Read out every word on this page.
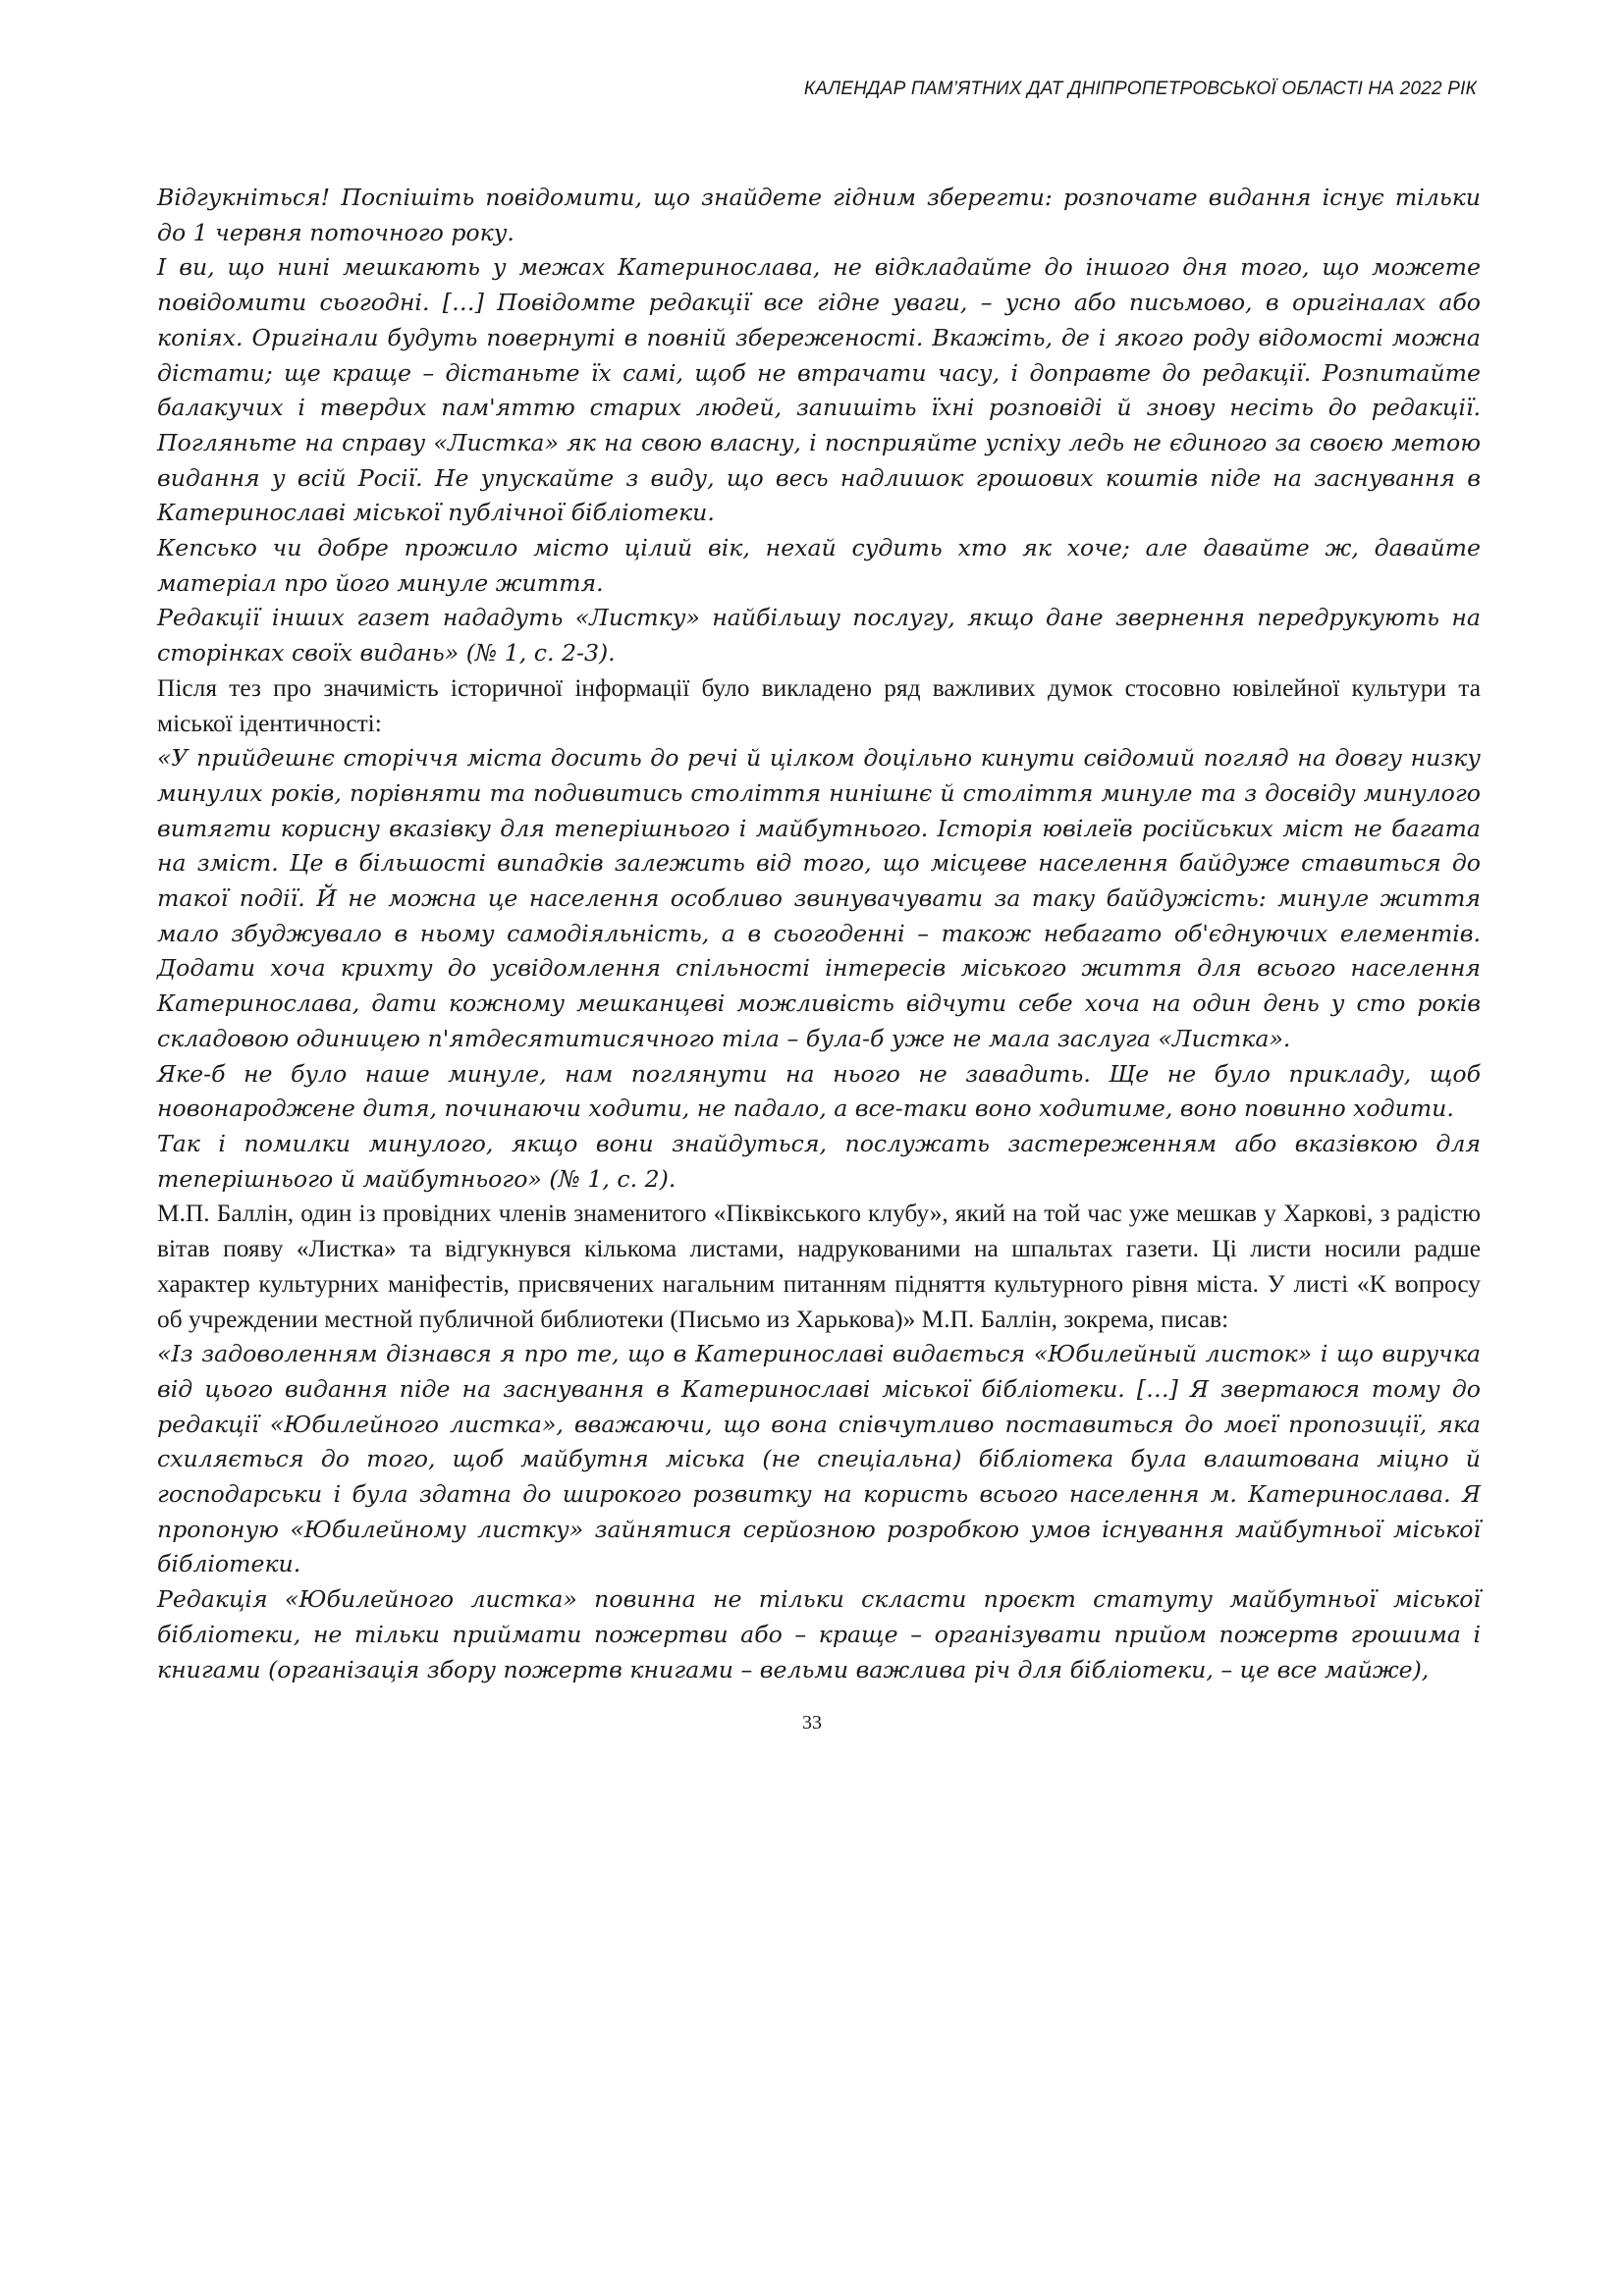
КАЛЕНДАР ПАМ’ЯТНИХ ДАТ ДНІПРОПЕТРОВСЬКОЇ ОБЛАСТІ НА 2022 РІК

Відгукніться! Поспішіть повідомити, що знайдете гідним зберегти: розпочате видання існує тільки до 1 червня поточного року.

І ви, що нині мешкають у межах Катеринослава, не відкладайте до іншого дня того, що можете повідомити сьогодні. […] Повідомте редакції все гідне уваги, – усно або письмово, в оригіналах або копіях. Оригінали будуть повернуті в повній збереженості. Вкажіть, де і якого роду відомості можна дістати; ще краще – дістаньте їх самі, щоб не втрачати часу, і доправте до редакції. Розпитайте балакучих і твердих пам'яттю старих людей, запишіть їхні розповіді й знову несіть до редакції. Погляньте на справу «Листка» як на свою власну, і посприяйте успіху ледь не єдиного за своєю метою видання у всій Росії. Не упускайте з виду, що весь надлишок грошових коштів піде на заснування в Катеринославі міської публічної бібліотеки.

Кепсько чи добре прожило місто цілий вік, нехай судить хто як хоче; але давайте ж, давайте матеріал про його минуле життя.

Редакції інших газет нададуть «Листку» найбільшу послугу, якщо дане звернення передрукують на сторінках своїх видань» (№ 1, с. 2-3).

Після тез про значимість історичної інформації було викладено ряд важливих думок стосовно ювілейної культури та міської ідентичності:

«У прийдешнє сторіччя міста досить до речі й цілком доцільно кинути свідомий погляд на довгу низку минулих років, порівняти та подивитись століття нинішнє й століття минуле та з досвіду минулого витягти корисну вказівку для теперішнього і майбутнього. Історія ювілеїв російських міст не багата на зміст. Це в більшості випадків залежить від того, що місцеве населення байдуже ставиться до такої події. Й не можна це населення особливо звинувачувати за таку байдужість: минуле життя мало збуджувало в ньому самодіяльність, а в сьогоденні – також небагато об'єднуючих елементів. Додати хоча крихту до усвідомлення спільності інтересів міського життя для всього населення Катеринослава, дати кожному мешканцеві можливість відчути себе хоча на один день у сто років складовою одиницею п'ятдесятитисячного тіла – була-б уже не мала заслуга «Листка».

Яке-б не було наше минуле, нам поглянути на нього не завадить. Ще не було прикладу, щоб новонароджене дитя, починаючи ходити, не падало, а все-таки воно ходитиме, воно повинно ходити.

Так і помилки минулого, якщо вони знайдуться, послужать застереженням або вказівкою для теперішнього й майбутнього» (№ 1, с. 2).

М.П. Баллін, один із провідних членів знаменитого «Піквікського клубу», який на той час уже мешкав у Харкові, з радістю вітав появу «Листка» та відгукнувся кількома листами, надрукованими на шпальтах газети. Ці листи носили радше характер культурних маніфестів, присвячених нагальним питанням підняття культурного рівня міста. У листі «К вопросу об учреждении местной публичной библиотеки (Письмо из Харькова)» М.П. Баллін, зокрема, писав:

«Із задоволенням дізнався я про те, що в Катеринославі видається «Юбилейный листок» і що виручка від цього видання піде на заснування в Катеринославі міської бібліотеки. […] Я звертаюся тому до редакції «Юбилейного листка», вважаючи, що вона співчутливо поставиться до моєї пропозиції, яка схиляється до того, щоб майбутня міська (не спеціальна) бібліотека була влаштована міцно й господарськи і була здатна до широкого розвитку на користь всього населення м. Катеринослава. Я пропоную «Юбилейному листку» зайнятися серйозною розробкою умов існування майбутньої міської бібліотеки.

Редакція «Юбилейного листка» повинна не тільки скласти проєкт статуту майбутньої міської бібліотеки, не тільки приймати пожертви або – краще – організувати прийом пожертв грошима і книгами (організація збору пожертв книгами – вельми важлива річ для бібліотеки, – це все майже),

33
